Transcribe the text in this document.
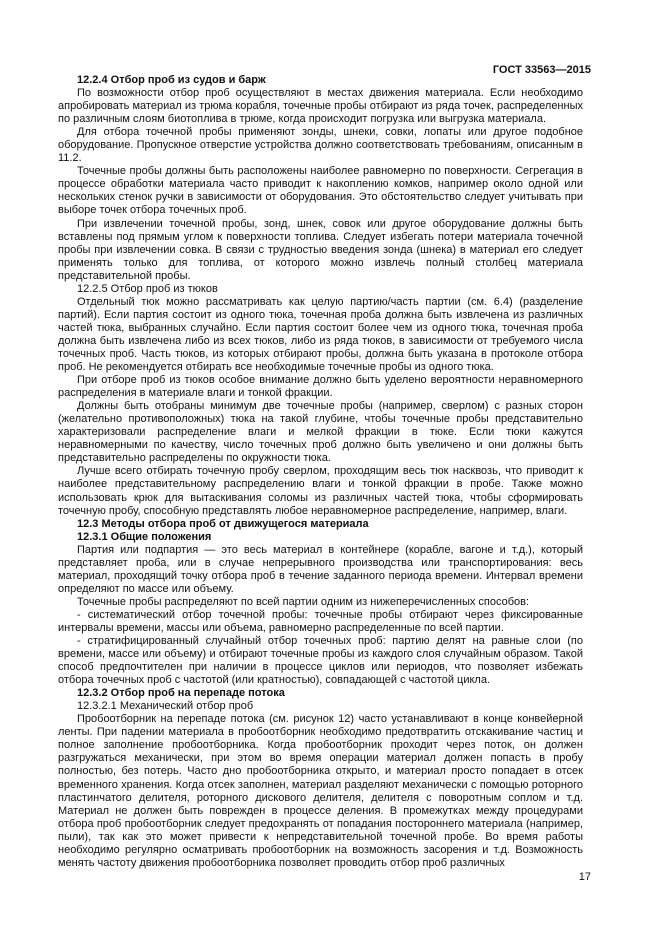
ГОСТ 33563—2015

12.2.4 Отбор проб из судов и барж

По возможности отбор проб осуществляют в местах движения материала. Если необходимо апробировать материал из трюма корабля, точечные пробы отбирают из ряда точек, распределенных по различным слоям биотоплива в трюме, когда происходит погрузка или выгрузка материала.

Для отбора точечной пробы применяют зонды, шнеки, совки, лопаты или другое подобное оборудование. Пропускное отверстие устройства должно соответствовать требованиям, описанным в 11.2.

Точечные пробы должны быть расположены наиболее равномерно по поверхности. Сегрегация в процессе обработки материала часто приводит к накоплению комков, например около одной или нескольких стенок ручки в зависимости от оборудования. Это обстоятельство следует учитывать при выборе точек отбора точечных проб.

При извлечении точечной пробы, зонд, шнек, совок или другое оборудование должны быть вставлены под прямым углом к поверхности топлива. Следует избегать потери материала точечной пробы при извлечении совка. В связи с трудностью введения зонда (шнека) в материал его следует применять только для топлива, от которого можно извлечь полный столбец материала представительной пробы.

12.2.5 Отбор проб из тюков

Отдельный тюк можно рассматривать как целую партию/часть партии (см. 6.4) (разделение партий). Если партия состоит из одного тюка, точечная проба должна быть извлечена из различных частей тюка, выбранных случайно. Если партия состоит более чем из одного тюка, точечная проба должна быть извлечена либо из всех тюков, либо из ряда тюков, в зависимости от требуемого числа точечных проб. Часть тюков, из которых отбирают пробы, должна быть указана в протоколе отбора проб. Не рекомендуется отбирать все необходимые точечные пробы из одного тюка.

При отборе проб из тюков особое внимание должно быть уделено вероятности неравномерного распределения в материале влаги и тонкой фракции.

Должны быть отобраны минимум две точечные пробы (например, сверлом) с разных сторон (желательно противоположных) тюка на такой глубине, чтобы точечные пробы представительно характеризовали распределение влаги и мелкой фракции в тюке. Если тюки кажутся неравномерными по качеству, число точечных проб должно быть увеличено и они должны быть представительно распределены по окружности тюка.

Лучше всего отбирать точечную пробу сверлом, проходящим весь тюк насквозь, что приводит к наиболее представительному распределению влаги и тонкой фракции в пробе. Также можно использовать крюк для вытаскивания соломы из различных частей тюка, чтобы сформировать точечную пробу, способную представлять любое неравномерное распределение, например, влаги.

12.3 Методы отбора проб от движущегося материала

12.3.1 Общие положения

Партия или подпартия — это весь материал в контейнере (корабле, вагоне и т.д.), который представляет проба, или в случае непрерывного производства или транспортирования: весь материал, проходящий точку отбора проб в течение заданного периода времени. Интервал времени определяют по массе или объему.

Точечные пробы распределяют по всей партии одним из нижеперечисленных способов:

- систематический отбор точечной пробы: точечные пробы отбирают через фиксированные интервалы времени, массы или объема, равномерно распределенные по всей партии.

- стратифицированный случайный отбор точечных проб: партию делят на равные слои (по времени, массе или объему) и отбирают точечные пробы из каждого слоя случайным образом. Такой способ предпочтителен при наличии в процессе циклов или периодов, что позволяет избежать отбора точечных проб с частотой (или кратностью), совпадающей с частотой цикла.

12.3.2 Отбор проб на перепаде потока

12.3.2.1 Механический отбор проб

Пробоотборник на перепаде потока (см. рисунок 12) часто устанавливают в конце конвейерной ленты. При падении материала в пробоотборник необходимо предотвратить отскакивание частиц и полное заполнение пробоотборника. Когда пробоотборник проходит через поток, он должен разгружаться механически, при этом во время операции материал должен попасть в пробу полностью, без потерь. Часто дно пробоотборника открыто, и материал просто попадает в отсек временного хранения. Когда отсек заполнен, материал разделяют механически с помощью роторного пластинчатого делителя, роторного дискового делителя, делителя с поворотным соплом и т.д. Материал не должен быть поврежден в процессе деления. В промежутках между процедурами отбора проб пробоотборник следует предохранять от попадания постороннего материала (например, пыли), так как это может привести к непредставительной точечной пробе. Во время работы необходимо регулярно осматривать пробоотборник на возможность засорения и т.д. Возможность менять частоту движения пробоотборника позволяет проводить отбор проб различных

17
